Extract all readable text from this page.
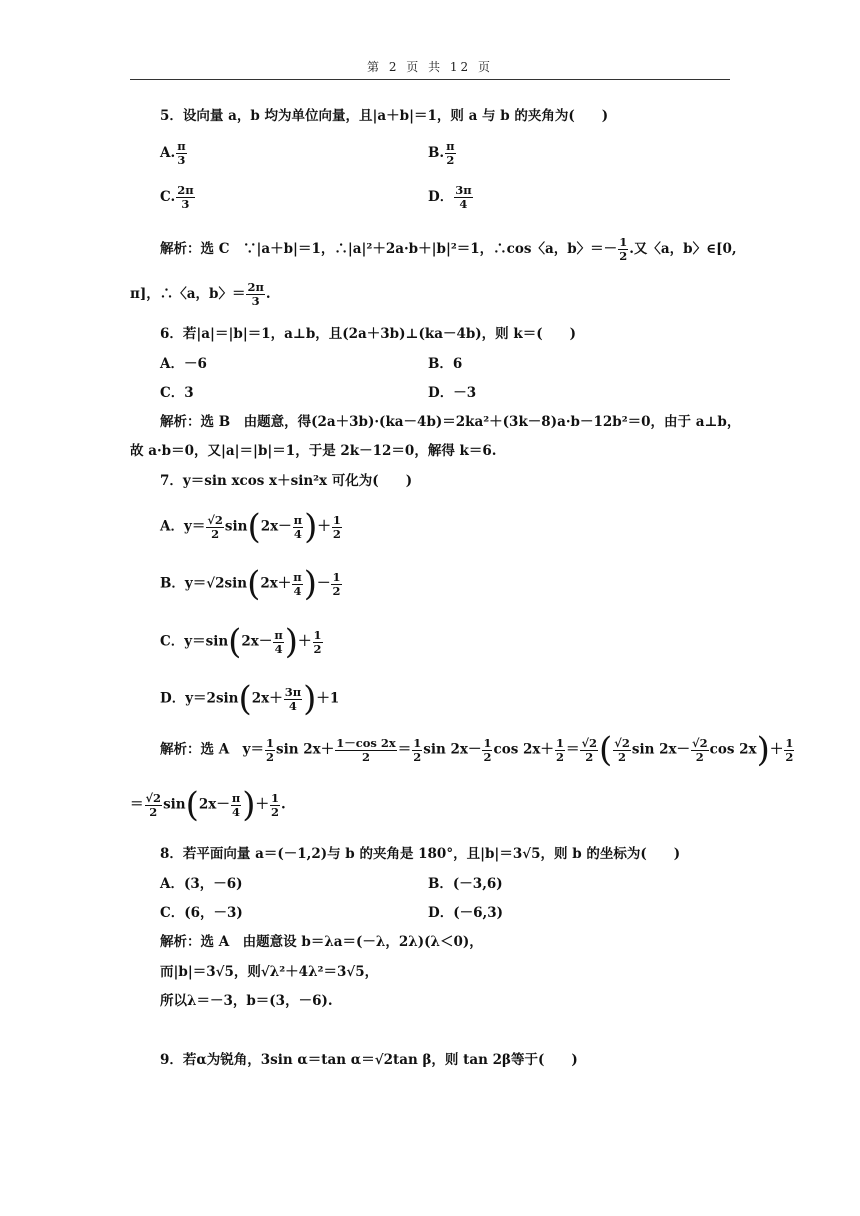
第 2 页 共 12 页
5．设向量 a，b 均为单位向量，且|a＋b|＝1，则 a 与 b 的夹角为(　　)
A. $\frac{\pi}{3}$	B. $\frac{\pi}{2}$
C. $\frac{2\pi}{3}$	D． $\frac{3\pi}{4}$
解析：选 C　∵|a＋b|＝1，∴|a|²＋2a·b＋|b|²＝1，∴cos〈a，b〉＝－ $\frac{1}{2}$ .又〈a，b〉∈[0,
π]，∴〈a，b〉＝ $\frac{2\pi}{3}$ .
6．若|a|＝|b|＝1，a⊥b，且(2a＋3b)⊥(ka－4b)，则 k＝(　　)
A．－6	B．6
C．3	D．－3
解析：选 B　由题意，得(2a＋3b)·(ka－4b)＝2ka²＋(3k－8)a·b－12b²＝0，由于 a⊥b，
故 a·b＝0，又|a|＝|b|＝1，于是 2k－12＝0，解得 k＝6.
7．y＝sin xcos x＋sin²x 可化为(　　)
A．$y= \frac{√2}{2} \sin(2x- \frac{\pi}{4}$ )＋ $\frac{1}{2}$
B．$y=√2\sin(2x+ \frac{\pi}{4}$ )－ $\frac{1}{2}$
C．$y=\sin(2x- \frac{\pi}{4}$ )＋ $\frac{1}{2}$
D．$y=2\sin(2x+ \frac{3\pi}{4} )+1$
解析：选 A　$y= \frac{1}{2}$ $\sin 2x+ \frac{1-\cos 2x}{2} = \frac{1}{2}$ $\sin 2x- \frac{1}{2}$ $\cos 2x+ \frac{1}{2} = \frac{√2}{2}$ ( $\frac{√2}{2}$ $\sin 2x- \frac{√2}{2}$ $\cos 2x)+ \frac{1}{2}$
＝ $\frac{√2}{2} \sin(2x- \frac{\pi}{4}$ )＋ $\frac{1}{2}$ .
8．若平面向量 a＝(－1,2)与 b 的夹角是 180°，且|b|＝3√5，则 b 的坐标为(　　)
A．(3，－6)	B．(－3,6)
C．(6，－3)	D．(－6,3)
解析：选 A　由题意设 b＝λa＝(－λ，2λ)(λ＜0)，
而|b|＝3√5，则√λ²＋4λ²＝3√5，
所以λ＝－3，b＝(3，－6).
9．若α为锐角，3sin α＝tan α＝√2tan β，则 tan 2β等于(　　)
